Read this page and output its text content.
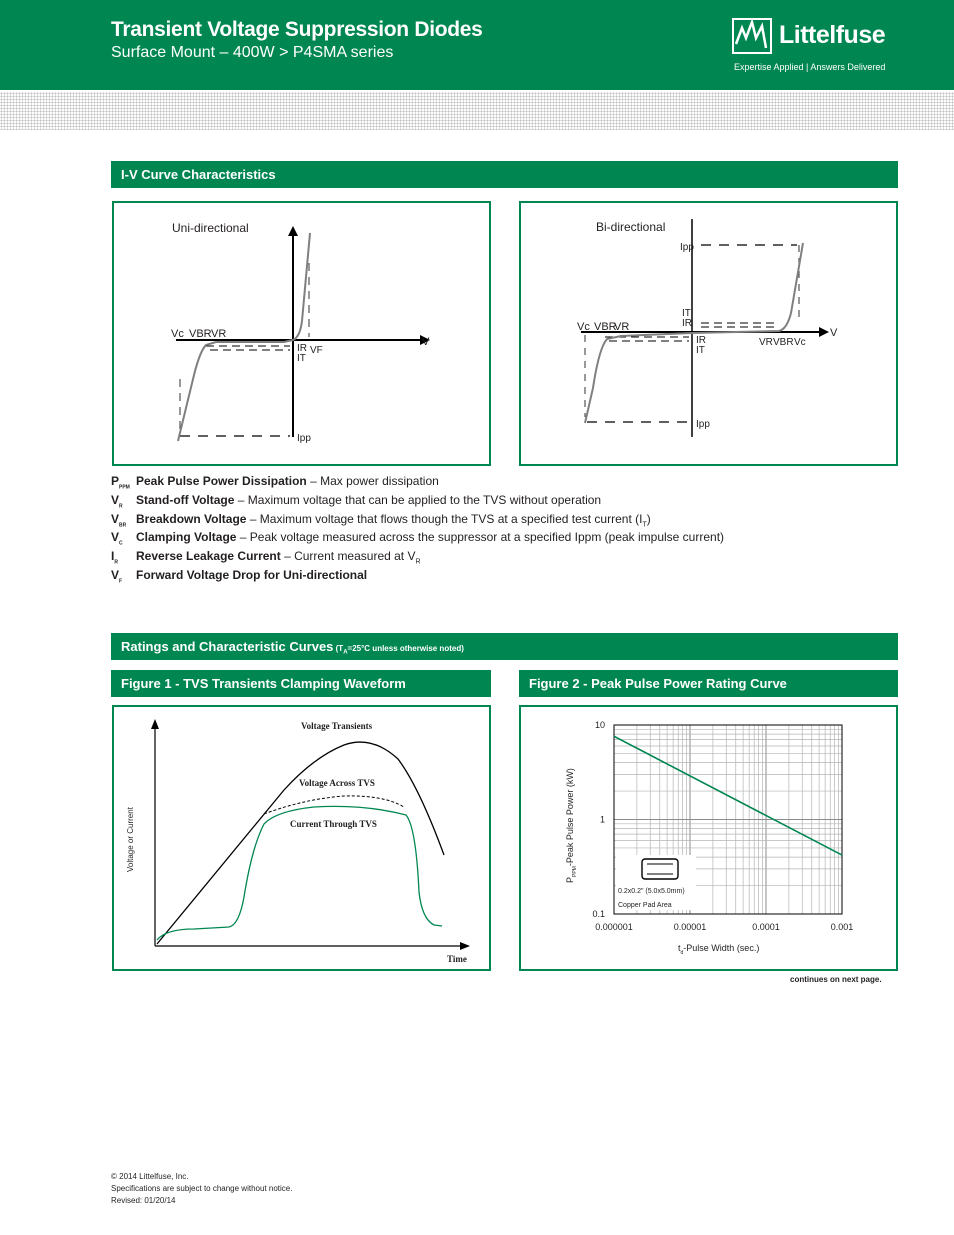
Transient Voltage Suppression Diodes
Surface Mount – 400W > P4SMA series
Littelfuse
Expertise Applied | Answers Delivered
I-V Curve Characteristics
Uni-directional
Vc VBR VR
V
IR
IT
VF
Ipp
Bi-directional
Ipp
IT
IR
Vc VBR
VR	V
IR
IT
VR VBR Vc
Ipp
$P_{PPM}$ Peak Pulse Power Dissipation – Max power dissipation
$V_R$ Stand-off Voltage – Maximum voltage that can be applied to the TVS without operation
$V_{BR}$ Breakdown Voltage – Maximum voltage that flows though the TVS at a specified test current $(I_T)$
$V_C$ Clamping Voltage – Peak voltage measured across the suppressor at a specified Ippm (peak impulse current)
$I_R$ Reverse Leakage Current – Current measured at $V_R$
$V_F$ Forward Voltage Drop for Uni-directional
Ratings and Characteristic Curves ($T_A=25^\circ C$ unless otherwise noted)
Figure 1 - TVS Transients Clamping Waveform	Figure 2 - Peak Pulse Power Rating Curve
Voltage Transients
Voltage Across TVS
Current Through TVS
Voltage or Current
Time
0.000001	0.00001	0.0001	0.001
10
1
0.1
0.2x0.2" (5.0x5.0mm)
Copper Pad Area
$P_{PPM}$-Peak Pulse Power (kW)
$t_d$-Pulse Width (sec.)
continues on next page.
© 2014 Littelfuse, Inc.
Specifications are subject to change without notice.
Revised: 01/20/14
